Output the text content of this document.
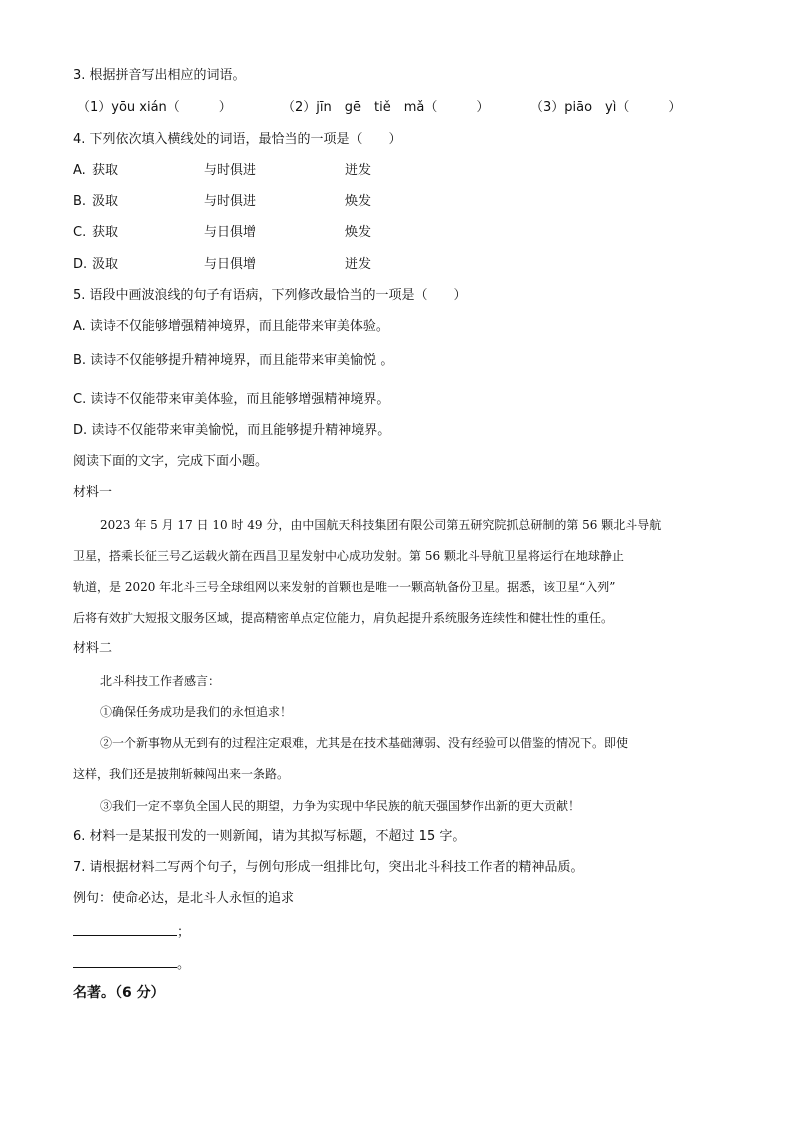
3. 根据拼音写出相应的词语。
（1）yōu xián（　　　）	（2）jīn　gē　tiě　mǎ（　　　）	（3）piāo　yì（　　　）
4. 下列依次填入横线处的词语，最恰当的一项是（　　）
A. 获取	与时俱进	迸发
B. 汲取	与时俱进	焕发
C. 获取	与日俱增	焕发
D. 汲取	与日俱增	迸发
5. 语段中画波浪线的句子有语病，下列修改最恰当的一项是（　　）
A. 读诗不仅能够增强精神境界，而且能带来审美体验。
B. 读诗不仅能够提升精神境界，而且能带来审美愉悦 。
C. 读诗不仅能带来审美体验，而且能够增强精神境界。
D. 读诗不仅能带来审美愉悦，而且能够提升精神境界。
阅读下面的文字，完成下面小题。
材料一
2023 年 5 月 17 日 10 时 49 分，由中国航天科技集团有限公司第五研究院抓总研制的第 56 颗北斗导航
卫星，搭乘长征三号乙运载火箭在西昌卫星发射中心成功发射。第 56 颗北斗导航卫星将运行在地球静止
轨道，是 2020 年北斗三号全球组网以来发射的首颗也是唯一一颗高轨备份卫星。据悉，该卫星“入列”
后将有效扩大短报文服务区域，提高精密单点定位能力，肩负起提升系统服务连续性和健壮性的重任。
材料二
北斗科技工作者感言：
①确保任务成功是我们的永恒追求！
②一个新事物从无到有的过程注定艰难，尤其是在技术基础薄弱、没有经验可以借鉴的情况下。即使
这样，我们还是披荆斩棘闯出来一条路。
③我们一定不辜负全国人民的期望，力争为实现中华民族的航天强国梦作出新的更大贡献！
6. 材料一是某报刊发的一则新闻，请为其拟写标题，不超过 15 字。
7. 请根据材料二写两个句子，与例句形成一组排比句，突出北斗科技工作者的精神品质。
例句：使命必达，是北斗人永恒的追求
；
。
名著。（6 分）
